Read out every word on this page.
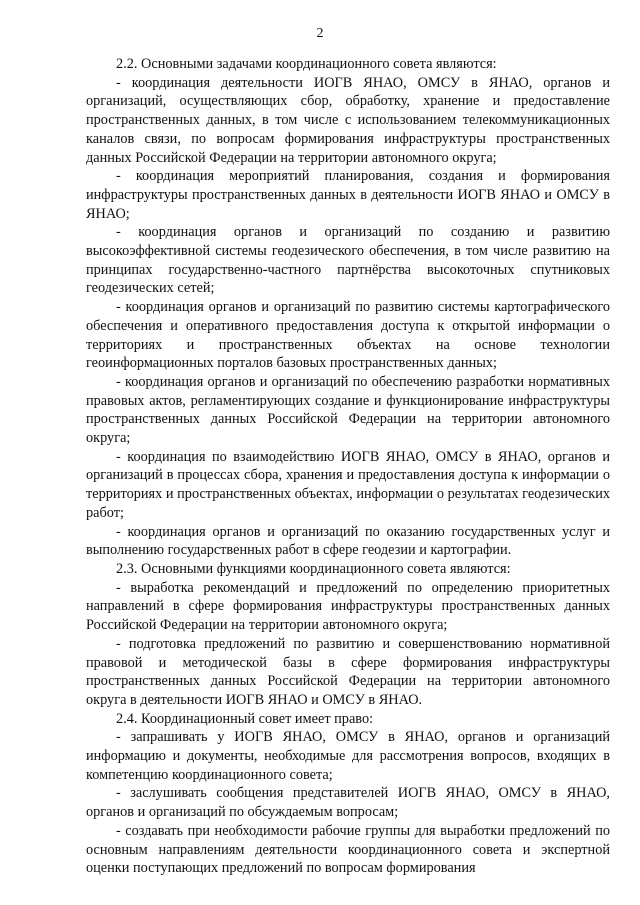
2

2.2. Основными задачами координационного совета являются:

- координация деятельности ИОГВ ЯНАО, ОМСУ в ЯНАО, органов и организаций, осуществляющих сбор, обработку, хранение и предоставление пространственных данных, в том числе с использованием телекоммуникационных каналов связи, по вопросам формирования инфраструктуры пространственных данных Российской Федерации на территории автономного округа;

- координация мероприятий планирования, создания и формирования инфраструктуры пространственных данных в деятельности ИОГВ ЯНАО и ОМСУ в ЯНАО;

- координация органов и организаций по созданию и развитию высокоэффективной системы геодезического обеспечения, в том числе развитию на принципах государственно-частного партнёрства высокоточных спутниковых геодезических сетей;

- координация органов и организаций по развитию системы картографического обеспечения и оперативного предоставления доступа к открытой информации о территориях и пространственных объектах на основе технологии геоинформационных порталов базовых пространственных данных;

- координация органов и организаций по обеспечению разработки нормативных правовых актов, регламентирующих создание и функционирование инфраструктуры пространственных данных Российской Федерации на территории автономного округа;

- координация по взаимодействию ИОГВ ЯНАО, ОМСУ в ЯНАО, органов и организаций в процессах сбора, хранения и предоставления доступа к информации о территориях и пространственных объектах, информации о результатах геодезических работ;

- координация органов и организаций по оказанию государственных услуг и выполнению государственных работ в сфере геодезии и картографии.

2.3. Основными функциями координационного совета являются:

- выработка рекомендаций и предложений по определению приоритетных направлений в сфере формирования инфраструктуры пространственных данных Российской Федерации на территории автономного округа;

- подготовка предложений по развитию и совершенствованию нормативной правовой и методической базы в сфере формирования инфраструктуры пространственных данных Российской Федерации на территории автономного округа в деятельности ИОГВ ЯНАО и ОМСУ в ЯНАО.

2.4. Координационный совет имеет право:

- запрашивать у ИОГВ ЯНАО, ОМСУ в ЯНАО, органов и организаций информацию и документы, необходимые для рассмотрения вопросов, входящих в компетенцию координационного совета;

- заслушивать сообщения представителей ИОГВ ЯНАО, ОМСУ в ЯНАО, органов и организаций по обсуждаемым вопросам;

- создавать при необходимости рабочие группы для выработки предложений по основным направлениям деятельности координационного совета и экспертной оценки поступающих предложений по вопросам формирования
